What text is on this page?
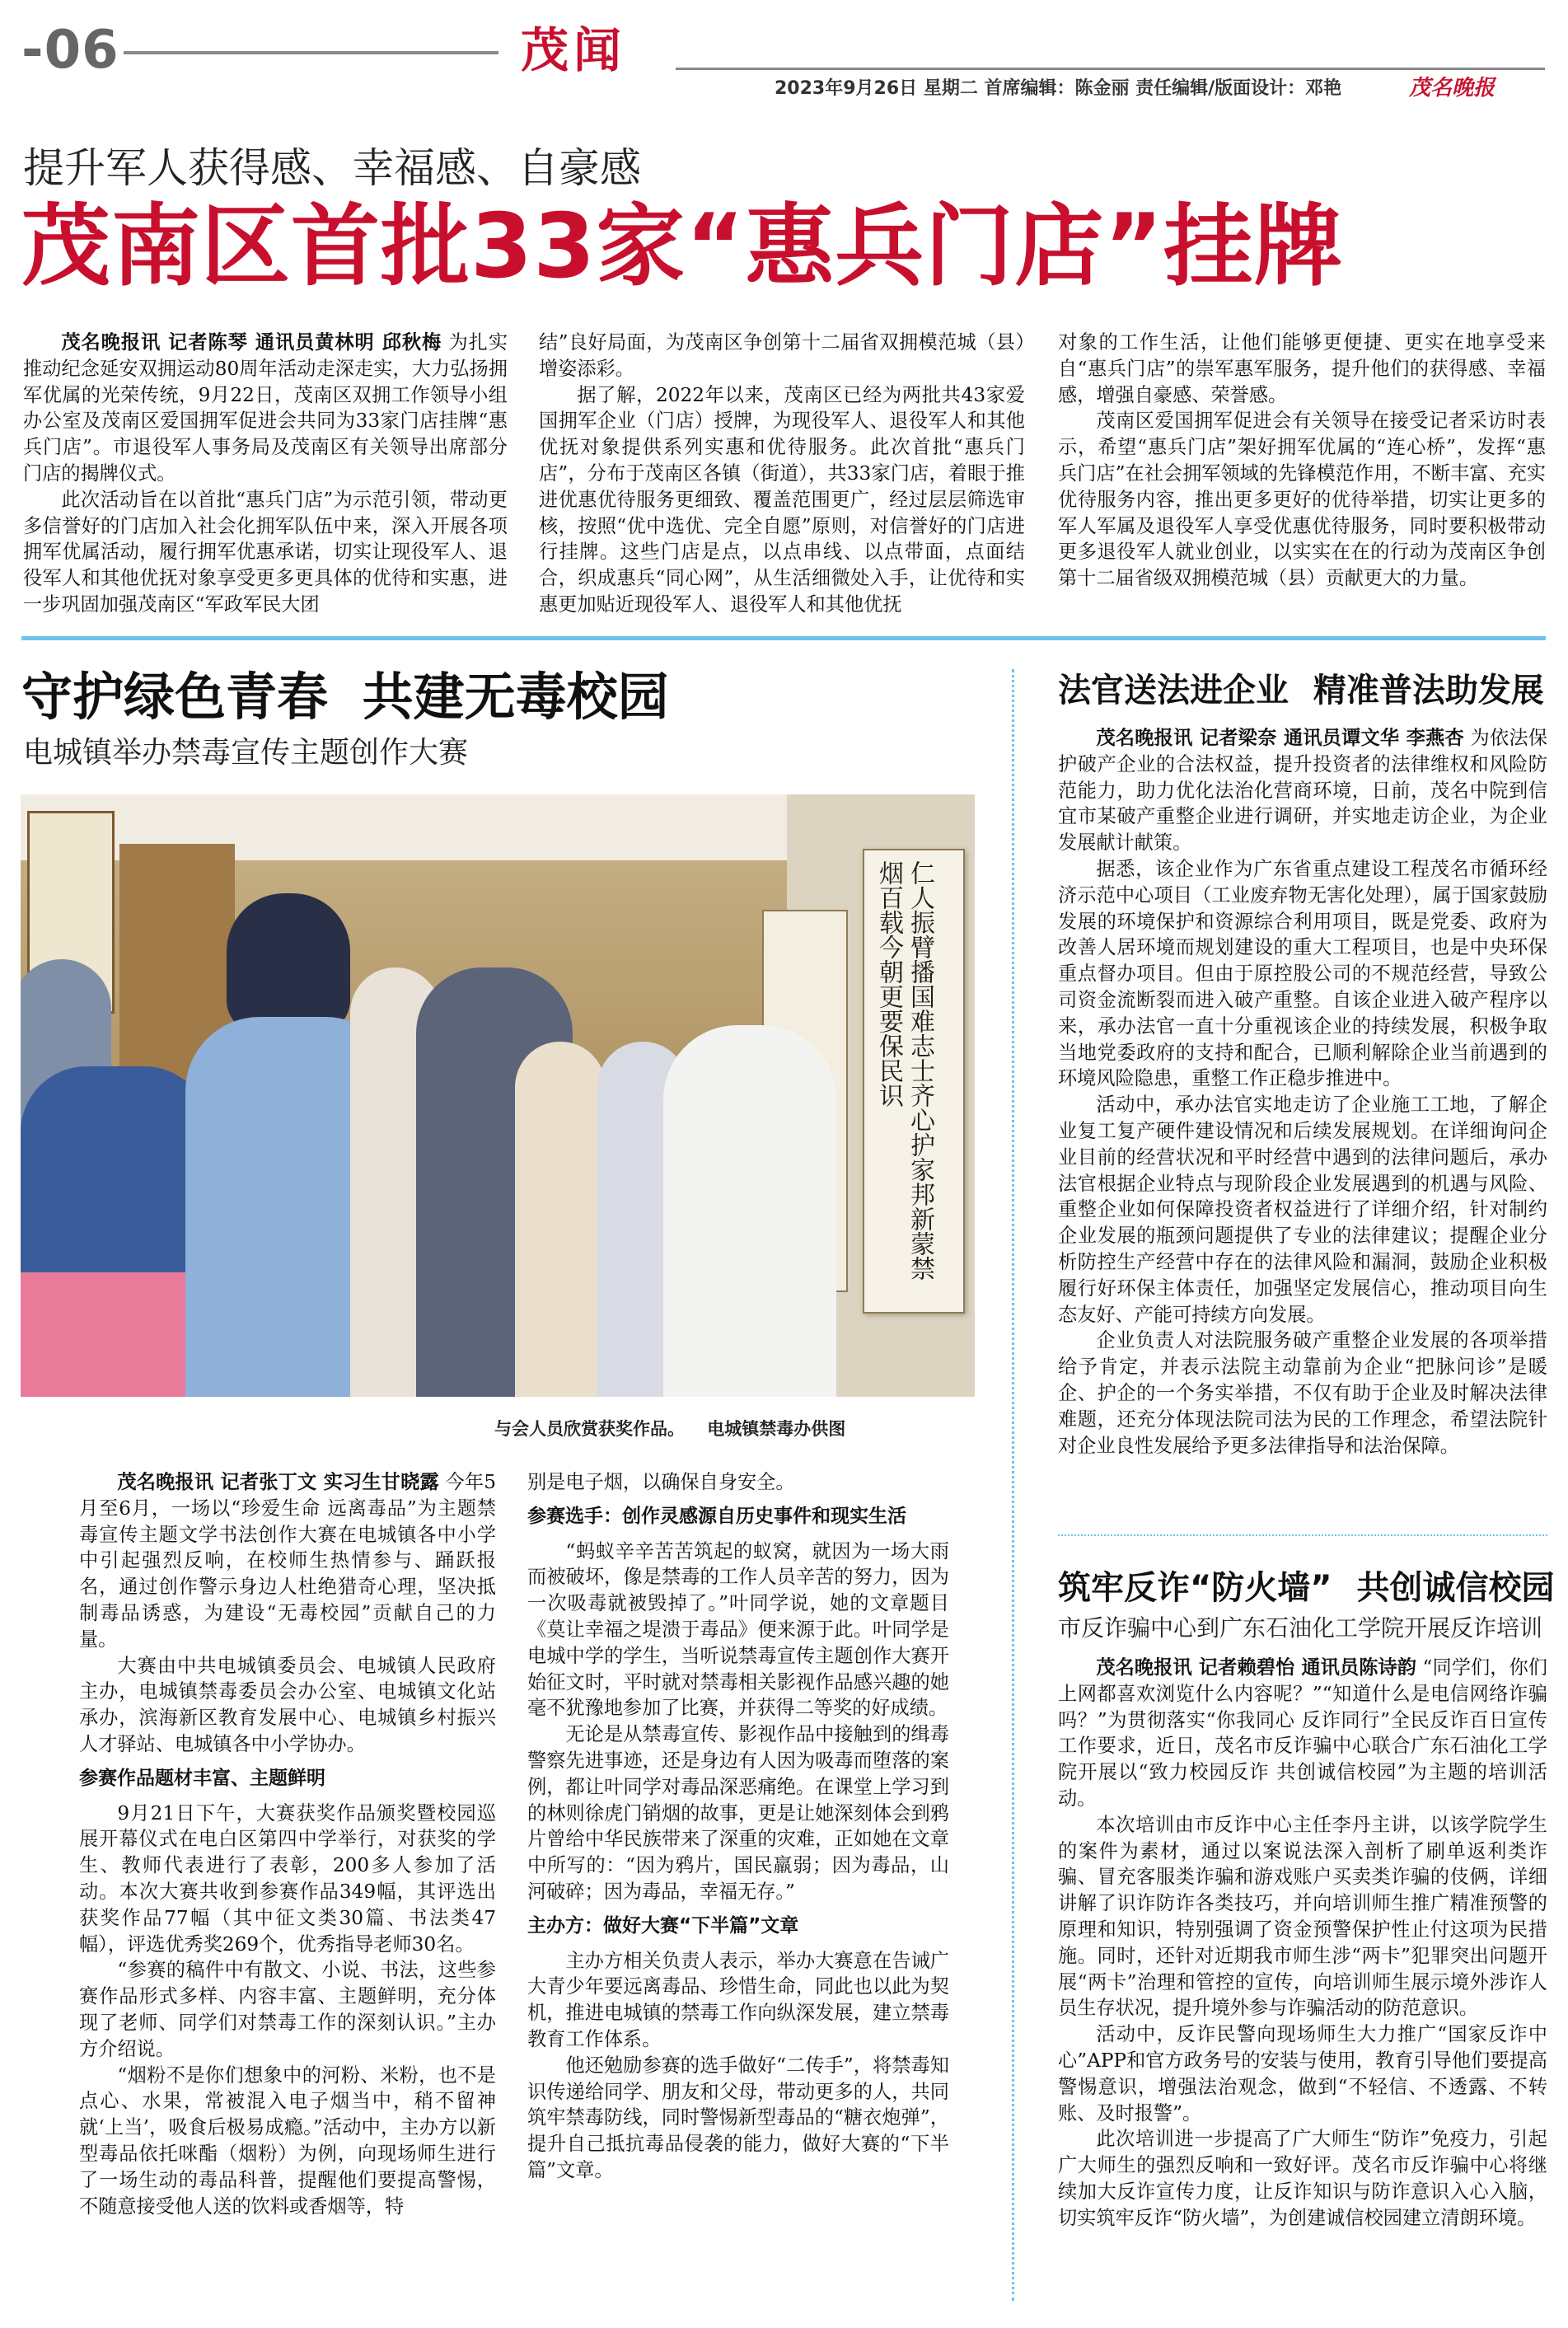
-06	茂闻
2023年9月26日 星期二 首席编辑：陈金丽 责任编辑/版面设计：邓艳	茂名晚报
提升军人获得感、幸福感、自豪感
茂南区首批33家“惠兵门店”挂牌

茂名晚报讯 记者陈琴 通讯员黄林明 邱秋梅 为扎实推动纪念延安双拥运动80周年活动走深走实，大力弘扬拥军优属的光荣传统，9月22日，茂南区双拥工作领导小组办公室及茂南区爱国拥军促进会共同为33家门店挂牌“惠兵门店”。市退役军人事务局及茂南区有关领导出席部分门店的揭牌仪式。

此次活动旨在以首批“惠兵门店”为示范引领，带动更多信誉好的门店加入社会化拥军队伍中来，深入开展各项拥军优属活动，履行拥军优惠承诺，切实让现役军人、退役军人和其他优抚对象享受更多更具体的优待和实惠，进一步巩固加强茂南区“军政军民大团

结”良好局面，为茂南区争创第十二届省双拥模范城（县）增姿添彩。

据了解，2022年以来，茂南区已经为两批共43家爱国拥军企业（门店）授牌，为现役军人、退役军人和其他优抚对象提供系列实惠和优待服务。此次首批“惠兵门店”，分布于茂南区各镇（街道），共33家门店，着眼于推进优惠优待服务更细致、覆盖范围更广，经过层层筛选审核，按照“优中选优、完全自愿”原则，对信誉好的门店进行挂牌。这些门店是点，以点串线、以点带面，点面结合，织成惠兵“同心网”，从生活细微处入手，让优待和实惠更加贴近现役军人、退役军人和其他优抚

对象的工作生活，让他们能够更便捷、更实在地享受来自“惠兵门店”的崇军惠军服务，提升他们的获得感、幸福感，增强自豪感、荣誉感。

茂南区爱国拥军促进会有关领导在接受记者采访时表示，希望“惠兵门店”架好拥军优属的“连心桥”，发挥“惠兵门店”在社会拥军领域的先锋模范作用，不断丰富、充实优待服务内容，推出更多更好的优待举措，切实让更多的军人军属及退役军人享受优惠优待服务，同时要积极带动更多退役军人就业创业，以实实在在的行动为茂南区争创第十二届省级双拥模范城（县）贡献更大的力量。

守护绿色青春 共建无毒校园
电城镇举办禁毒宣传主题创作大赛
仁人振臂播国难志士齐心护家邦新蒙禁烟百载今朝更要保民识
与会人员欣赏获奖作品。 电城镇禁毒办供图

茂名晚报讯 记者张丁文 实习生甘晓露 今年5月至6月，一场以“珍爱生命 远离毒品”为主题禁毒宣传主题文学书法创作大赛在电城镇各中小学中引起强烈反响，在校师生热情参与、踊跃报名，通过创作警示身边人杜绝猎奇心理，坚决抵制毒品诱惑，为建设“无毒校园”贡献自己的力量。

大赛由中共电城镇委员会、电城镇人民政府主办，电城镇禁毒委员会办公室、电城镇文化站承办，滨海新区教育发展中心、电城镇乡村振兴人才驿站、电城镇各中小学协办。

参赛作品题材丰富、主题鲜明

9月21日下午，大赛获奖作品颁奖暨校园巡展开幕仪式在电白区第四中学举行，对获奖的学生、教师代表进行了表彰，200多人参加了活动。本次大赛共收到参赛作品349幅，其评选出获奖作品77幅（其中征文类30篇、书法类47幅），评选优秀奖269个，优秀指导老师30名。

“参赛的稿件中有散文、小说、书法，这些参赛作品形式多样、内容丰富、主题鲜明，充分体现了老师、同学们对禁毒工作的深刻认识。”主办方介绍说。

“烟粉不是你们想象中的河粉、米粉，也不是点心、水果，常被混入电子烟当中，稍不留神就‘上当’，吸食后极易成瘾。”活动中，主办方以新型毒品依托咪酯（烟粉）为例，向现场师生进行了一场生动的毒品科普，提醒他们要提高警惕，不随意接受他人送的饮料或香烟等，特

别是电子烟，以确保自身安全。

参赛选手：创作灵感源自历史事件和现实生活

“蚂蚁辛辛苦苦筑起的蚁窝，就因为一场大雨而被破坏，像是禁毒的工作人员辛苦的努力，因为一次吸毒就被毁掉了。”叶同学说，她的文章题目《莫让幸福之堤溃于毒品》便来源于此。叶同学是电城中学的学生，当听说禁毒宣传主题创作大赛开始征文时，平时就对禁毒相关影视作品感兴趣的她毫不犹豫地参加了比赛，并获得二等奖的好成绩。

无论是从禁毒宣传、影视作品中接触到的缉毒警察先进事迹，还是身边有人因为吸毒而堕落的案例，都让叶同学对毒品深恶痛绝。在课堂上学习到的林则徐虎门销烟的故事，更是让她深刻体会到鸦片曾给中华民族带来了深重的灾难，正如她在文章中所写的：“因为鸦片，国民羸弱；因为毒品，山河破碎；因为毒品，幸福无存。”

主办方：做好大赛“下半篇”文章

主办方相关负责人表示，举办大赛意在告诫广大青少年要远离毒品、珍惜生命，同此也以此为契机，推进电城镇的禁毒工作向纵深发展，建立禁毒教育工作体系。

他还勉励参赛的选手做好“二传手”，将禁毒知识传递给同学、朋友和父母，带动更多的人，共同筑牢禁毒防线，同时警惕新型毒品的“糖衣炮弹”，提升自己抵抗毒品侵袭的能力，做好大赛的“下半篇”文章。

法官送法进企业 精准普法助发展

茂名晚报讯 记者梁奈 通讯员谭文华 李燕杏 为依法保护破产企业的合法权益，提升投资者的法律维权和风险防范能力，助力优化法治化营商环境，日前，茂名中院到信宜市某破产重整企业进行调研，并实地走访企业，为企业发展献计献策。

据悉，该企业作为广东省重点建设工程茂名市循环经济示范中心项目（工业废弃物无害化处理），属于国家鼓励发展的环境保护和资源综合利用项目，既是党委、政府为改善人居环境而规划建设的重大工程项目，也是中央环保重点督办项目。但由于原控股公司的不规范经营，导致公司资金流断裂而进入破产重整。自该企业进入破产程序以来，承办法官一直十分重视该企业的持续发展，积极争取当地党委政府的支持和配合，已顺利解除企业当前遇到的环境风险隐患，重整工作正稳步推进中。

活动中，承办法官实地走访了企业施工工地，了解企业复工复产硬件建设情况和后续发展规划。在详细询问企业目前的经营状况和平时经营中遇到的法律问题后，承办法官根据企业特点与现阶段企业发展遇到的机遇与风险、重整企业如何保障投资者权益进行了详细介绍，针对制约企业发展的瓶颈问题提供了专业的法律建议；提醒企业分析防控生产经营中存在的法律风险和漏洞，鼓励企业积极履行好环保主体责任，加强坚定发展信心，推动项目向生态友好、产能可持续方向发展。

企业负责人对法院服务破产重整企业发展的各项举措给予肯定，并表示法院主动靠前为企业“把脉问诊”是暖企、护企的一个务实举措，不仅有助于企业及时解决法律难题，还充分体现法院司法为民的工作理念，希望法院针对企业良性发展给予更多法律指导和法治保障。

筑牢反诈“防火墙” 共创诚信校园
市反诈骗中心到广东石油化工学院开展反诈培训

茂名晚报讯 记者赖碧怡 通讯员陈诗韵 “同学们，你们上网都喜欢浏览什么内容呢？”“知道什么是电信网络诈骗吗？”为贯彻落实“你我同心 反诈同行”全民反诈百日宣传工作要求，近日，茂名市反诈骗中心联合广东石油化工学院开展以“致力校园反诈 共创诚信校园”为主题的培训活动。

本次培训由市反诈中心主任李丹主讲，以该学院学生的案件为素材，通过以案说法深入剖析了刷单返利类诈骗、冒充客服类诈骗和游戏账户买卖类诈骗的伎俩，详细讲解了识诈防诈各类技巧，并向培训师生推广精准预警的原理和知识，特别强调了资金预警保护性止付这项为民措施。同时，还针对近期我市师生涉“两卡”犯罪突出问题开展“两卡”治理和管控的宣传，向培训师生展示境外涉诈人员生存状况，提升境外参与诈骗活动的防范意识。

活动中，反诈民警向现场师生大力推广“国家反诈中心”APP和官方政务号的安装与使用，教育引导他们要提高警惕意识，增强法治观念，做到“不轻信、不透露、不转账、及时报警”。

此次培训进一步提高了广大师生“防诈”免疫力，引起广大师生的强烈反响和一致好评。茂名市反诈骗中心将继续加大反诈宣传力度，让反诈知识与防诈意识入心入脑，切实筑牢反诈“防火墙”，为创建诚信校园建立清朗环境。
